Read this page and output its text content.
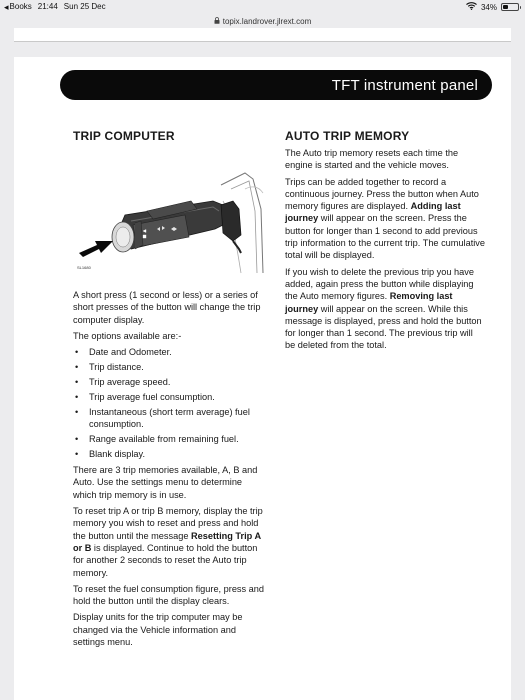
◂ Books 21:44 Sun 25 Dec	34%
topix.landrover.jlrext.com
TFT instrument panel
TRIP COMPUTER
SL1680

A short press (1 second or less) or a series of short presses of the button will change the trip computer display.

The options available are:-

• Date and Odometer.
• Trip distance.
• Trip average speed.
• Trip average fuel consumption.
• Instantaneous (short term average) fuel consumption.
• Range available from remaining fuel.
• Blank display.

There are 3 trip memories available, A, B and Auto. Use the settings menu to determine which trip memory is in use.

To reset trip A or trip B memory, display the trip memory you wish to reset and press and hold the button until the message Resetting Trip A or B is displayed. Continue to hold the button for another 2 seconds to reset the Auto trip memory.

To reset the fuel consumption figure, press and hold the button until the display clears.

Display units for the trip computer may be changed via the Vehicle information and settings menu.

AUTO TRIP MEMORY

The Auto trip memory resets each time the engine is started and the vehicle moves.

Trips can be added together to record a continuous journey. Press the button when Auto memory figures are displayed. Adding last journey will appear on the screen. Press the button for longer than 1 second to add previous trip information to the current trip. The cumulative total will be displayed.

If you wish to delete the previous trip you have added, again press the button while displaying the Auto memory figures. Removing last journey will appear on the screen. While this message is displayed, press and hold the button for longer than 1 second. The previous trip will be deleted from the total.
